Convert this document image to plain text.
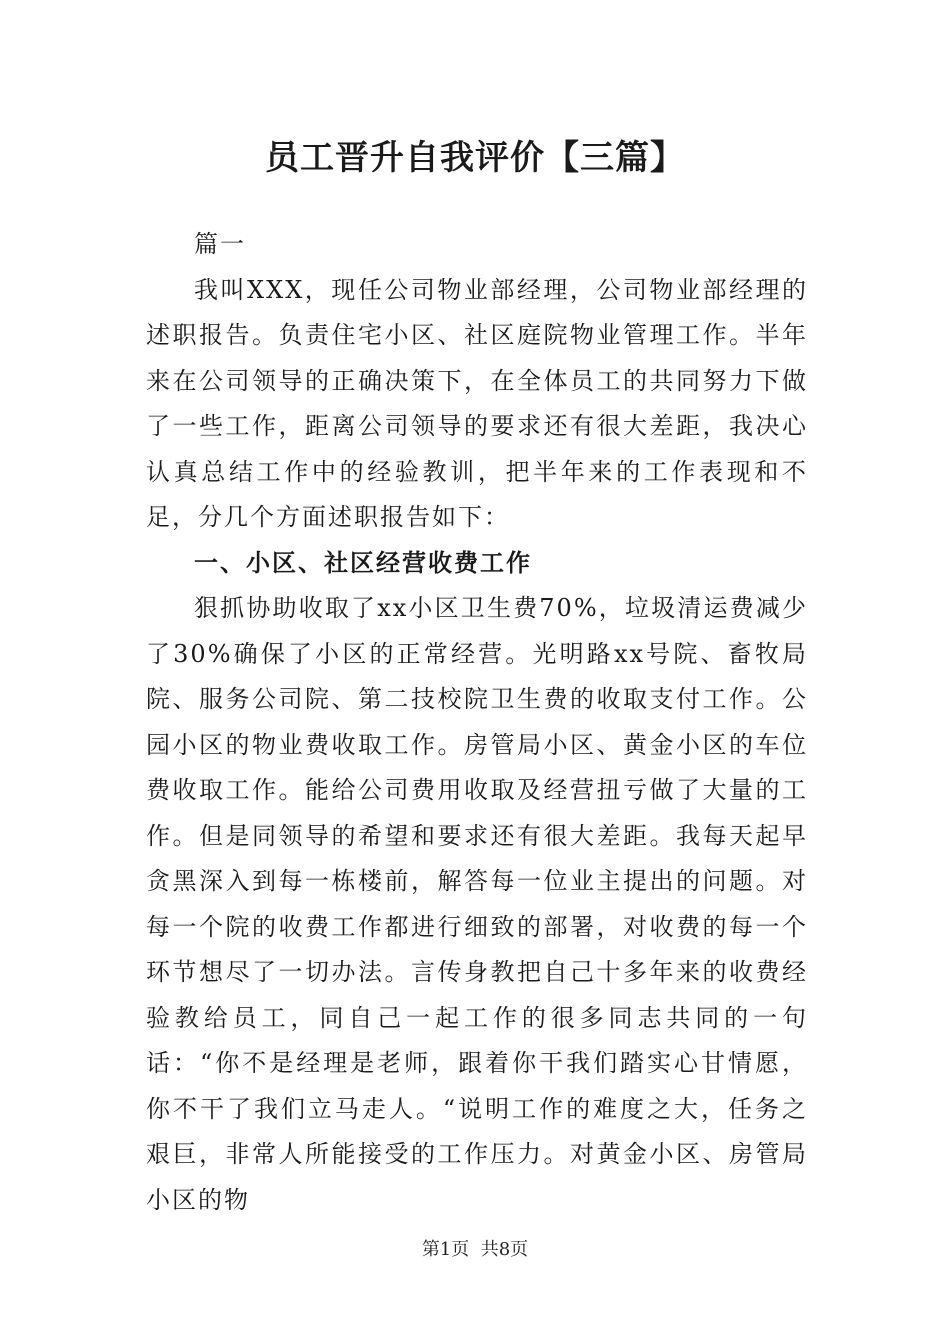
员工晋升自我评价【三篇】

篇一

我叫XXX，现任公司物业部经理，公司物业部经理的述职报告。负责住宅小区、社区庭院物业管理工作。半年来在公司领导的正确决策下，在全体员工的共同努力下做了一些工作，距离公司领导的要求还有很大差距，我决心认真总结工作中的经验教训，把半年来的工作表现和不足，分几个方面述职报告如下：

一、小区、社区经营收费工作

狠抓协助收取了xx小区卫生费70%，垃圾清运费减少了30%确保了小区的正常经营。光明路xx号院、畜牧局院、服务公司院、第二技校院卫生费的收取支付工作。公园小区的物业费收取工作。房管局小区、黄金小区的车位费收取工作。能给公司费用收取及经营扭亏做了大量的工作。但是同领导的希望和要求还有很大差距。我每天起早贪黑深入到每一栋楼前，解答每一位业主提出的问题。对每一个院的收费工作都进行细致的部署，对收费的每一个环节想尽了一切办法。言传身教把自己十多年来的收费经验教给员工，同自己一起工作的很多同志共同的一句话：“你不是经理是老师，跟着你干我们踏实心甘情愿，你不干了我们立马走人。“说明工作的难度之大，任务之艰巨，非常人所能接受的工作压力。对黄金小区、房管局小区的物

第1页  共8页
